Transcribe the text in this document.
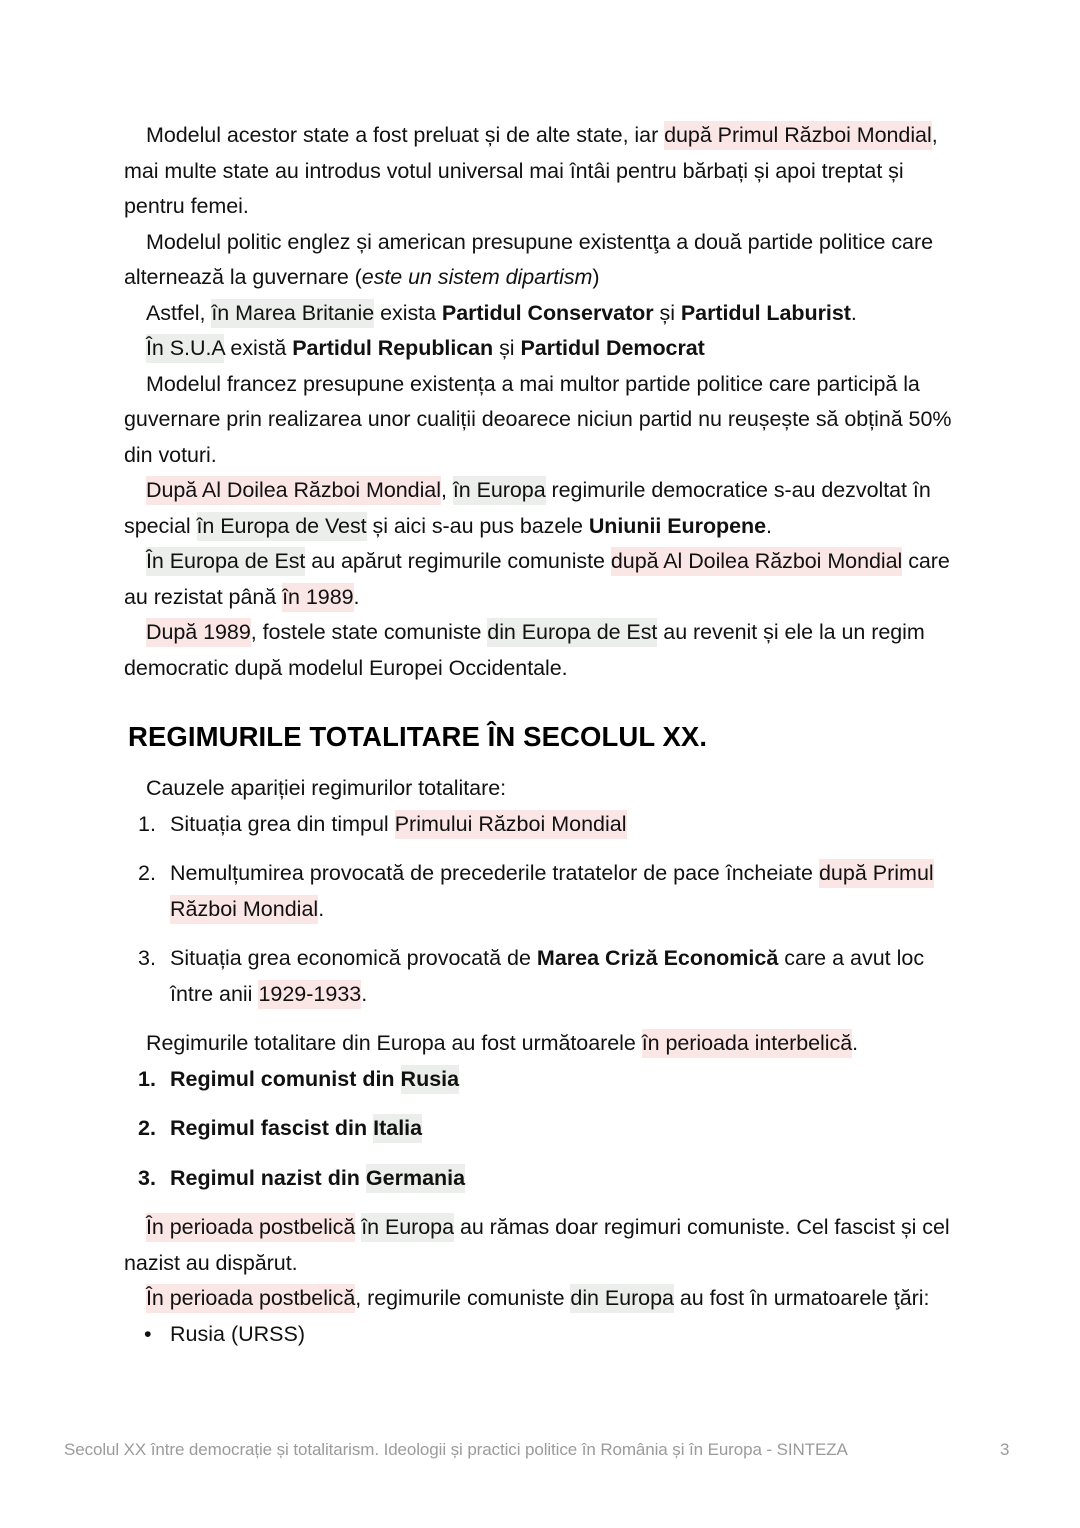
Modelul acestor state a fost preluat și de alte state, iar după Primul Război Mondial, mai multe state au introdus votul universal mai întâi pentru bărbați și apoi treptat și pentru femei.

Modelul politic englez și american presupune existentţa a două partide politice care alternează la guvernare (este un sistem dipartism)

Astfel, în Marea Britanie exista Partidul Conservator și Partidul Laburist.

În S.U.A există Partidul Republican și Partidul Democrat

Modelul francez presupune existența a mai multor partide politice care participă la guvernare prin realizarea unor cualiții deoarece niciun partid nu reușește să obțină 50% din voturi.

După Al Doilea Război Mondial, în Europa regimurile democratice s-au dezvoltat în special în Europa de Vest și aici s-au pus bazele Uniunii Europene.

În Europa de Est au apărut regimurile comuniste după Al Doilea Război Mondial care au rezistat până în 1989.

După 1989, fostele state comuniste din Europa de Est au revenit și ele la un regim democratic după modelul Europei Occidentale.

REGIMURILE TOTALITARE ÎN SECOLUL XX.

Cauzele apariției regimurilor totalitare:

1. Situația grea din timpul Primului Război Mondial
2. Nemulțumirea provocată de precederile tratatelor de pace încheiate după Primul Război Mondial.
3. Situația grea economică provocată de Marea Criză Economică care a avut loc între anii 1929-1933.

Regimurile totalitare din Europa au fost următoarele în perioada interbelică.

1. Regimul comunist din Rusia
2. Regimul fascist din Italia
3. Regimul nazist din Germania

În perioada postbelică în Europa au rămas doar regimuri comuniste. Cel fascist și cel nazist au dispărut.

În perioada postbelică, regimurile comuniste din Europa au fost în urmatoarele ţări:

• Rusia (URSS)
Secolul XX între democrație și totalitarism. Ideologii și practici politice în România și în Europa - SINTEZA	3
